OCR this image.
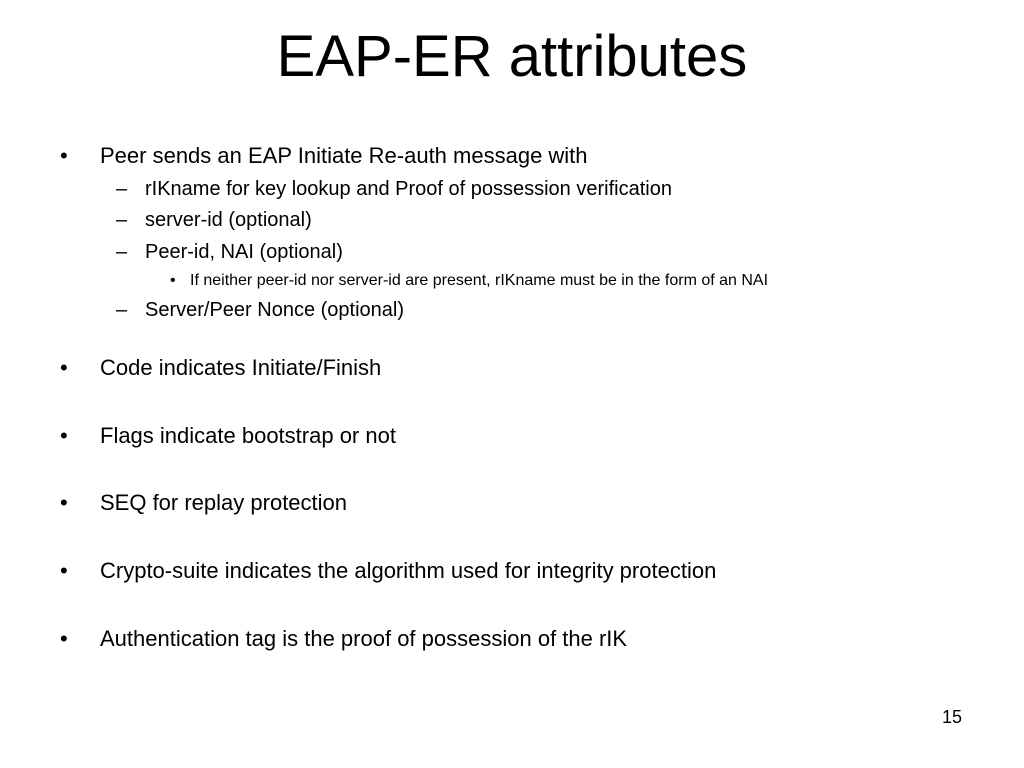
EAP-ER attributes
• Peer sends an EAP Initiate Re-auth message with
– rIKname for key lookup and Proof of possession verification
– server-id (optional)
– Peer-id, NAI (optional)
• If neither peer-id nor server-id are present, rIKname must be in the form of an NAI
– Server/Peer Nonce (optional)
• Code indicates Initiate/Finish
• Flags indicate bootstrap or not
• SEQ for replay protection
• Crypto-suite indicates the algorithm used for integrity protection
• Authentication tag is the proof of possession of the rIK
15
